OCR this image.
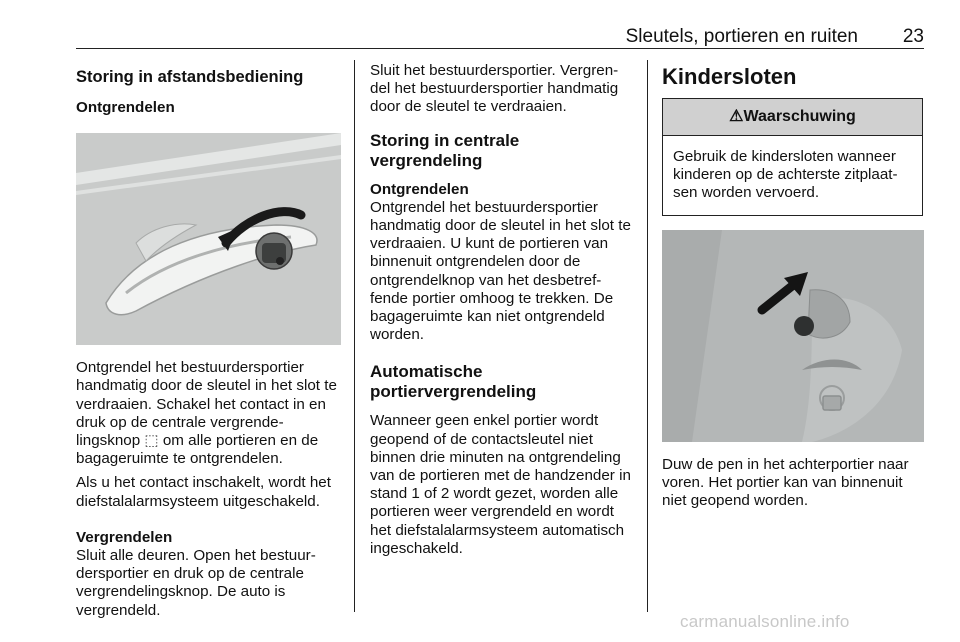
Sleutels, portieren en ruiten 23
Storing in afstandsbediening
Ontgrendelen

Ontgrendel het bestuurdersportier handmatig door de sleutel in het slot te verdraaien. Schakel het contact in en druk op de centrale vergrendelingsknop ⬚ om alle portieren en de bagageruimte te ontgrendelen.

Als u het contact inschakelt, wordt het diefstalalarmsysteem uitgeschakeld.

Vergrendelen

Sluit alle deuren. Open het bestuurdersportier en druk op de centrale vergrendelingsknop. De auto is vergrendeld.

Sluit het bestuurdersportier. Vergrendel het bestuurdersportier handmatig door de sleutel te verdraaien.

Storing in centrale vergrendeling
Ontgrendelen

Ontgrendel het bestuurdersportier handmatig door de sleutel in het slot te verdraaien. U kunt de portieren van binnenuit ontgrendelen door de ontgrendelknop van het desbetreffende portier omhoog te trekken. De bagageruimte kan niet ontgrendeld worden.

Automatische portiervergrendeling

Wanneer geen enkel portier wordt geopend of de contactsleutel niet binnen drie minuten na ontgrendeling van de portieren met de handzender in stand 1 of 2 wordt gezet, worden alle portieren weer vergrendeld en wordt het diefstalalarmsysteem automatisch ingeschakeld.

Kindersloten
⚠Waarschuwing

Gebruik de kindersloten wanneer kinderen op de achterste zitplaatsen worden vervoerd.

Duw de pen in het achterportier naar voren. Het portier kan van binnenuit niet geopend worden.

carmanualsonline.info
